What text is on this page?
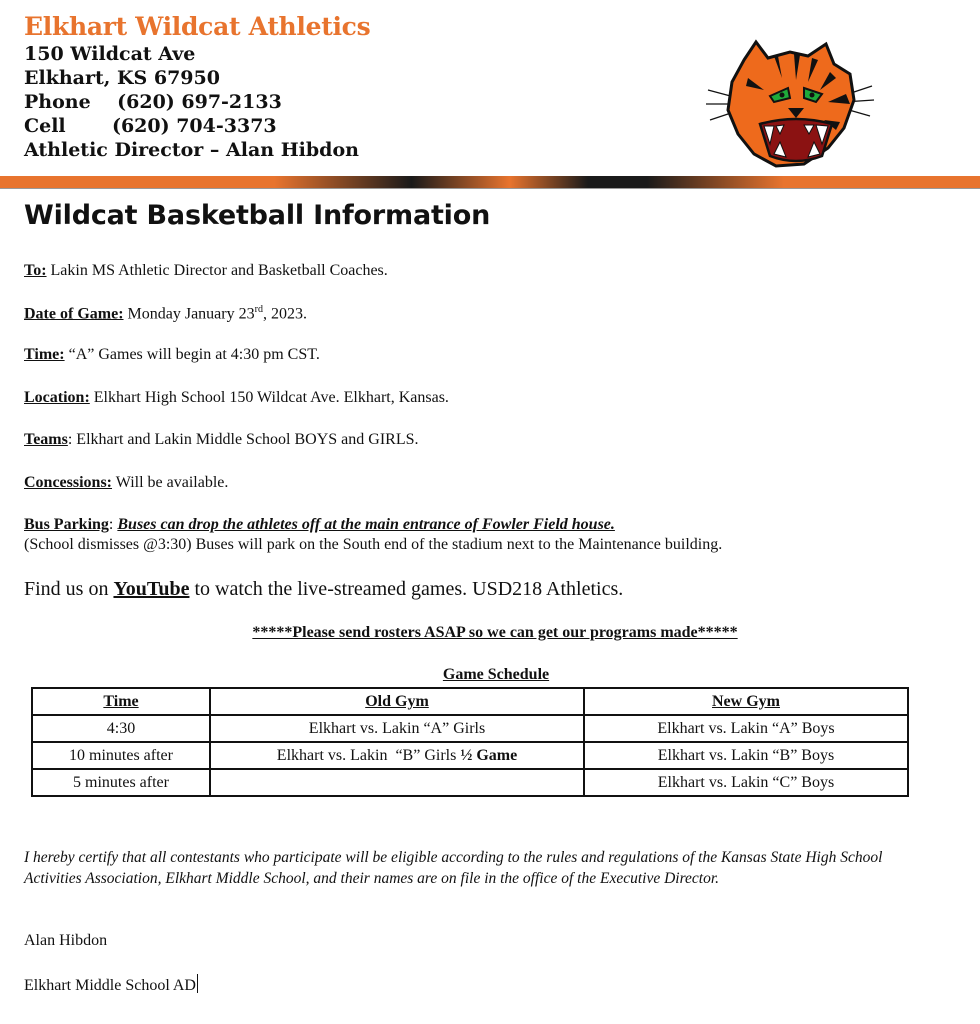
Elkhart Wildcat Athletics
150 Wildcat Ave
Elkhart, KS 67950
Phone    (620) 697-2133
Cell       (620) 704-3373
Athletic Director – Alan Hibdon
Wildcat Basketball Information
To: Lakin MS Athletic Director and Basketball Coaches.
Date of Game: Monday January 23rd, 2023.
Time: “A” Games will begin at 4:30 pm CST.
Location: Elkhart High School 150 Wildcat Ave. Elkhart, Kansas.
Teams: Elkhart and Lakin Middle School BOYS and GIRLS.
Concessions: Will be available.
Bus Parking: Buses can drop the athletes off at the main entrance of Fowler Field house.
(School dismisses @3:30) Buses will park on the South end of the stadium next to the Maintenance building.
Find us on YouTube to watch the live-streamed games. USD218 Athletics.
*****Please send rosters ASAP so we can get our programs made*****
Game Schedule
Time	Old Gym	New Gym
4:30	Elkhart vs. Lakin “A” Girls	Elkhart vs. Lakin “A” Boys
10 minutes after	Elkhart vs. Lakin  “B” Girls ½ Game	Elkhart vs. Lakin “B” Boys
5 minutes after		Elkhart vs. Lakin “C” Boys
I hereby certify that all contestants who participate will be eligible according to the rules and regulations of the Kansas State High School Activities Association, Elkhart Middle School, and their names are on file in the office of the Executive Director.
Alan Hibdon
Elkhart Middle School AD
